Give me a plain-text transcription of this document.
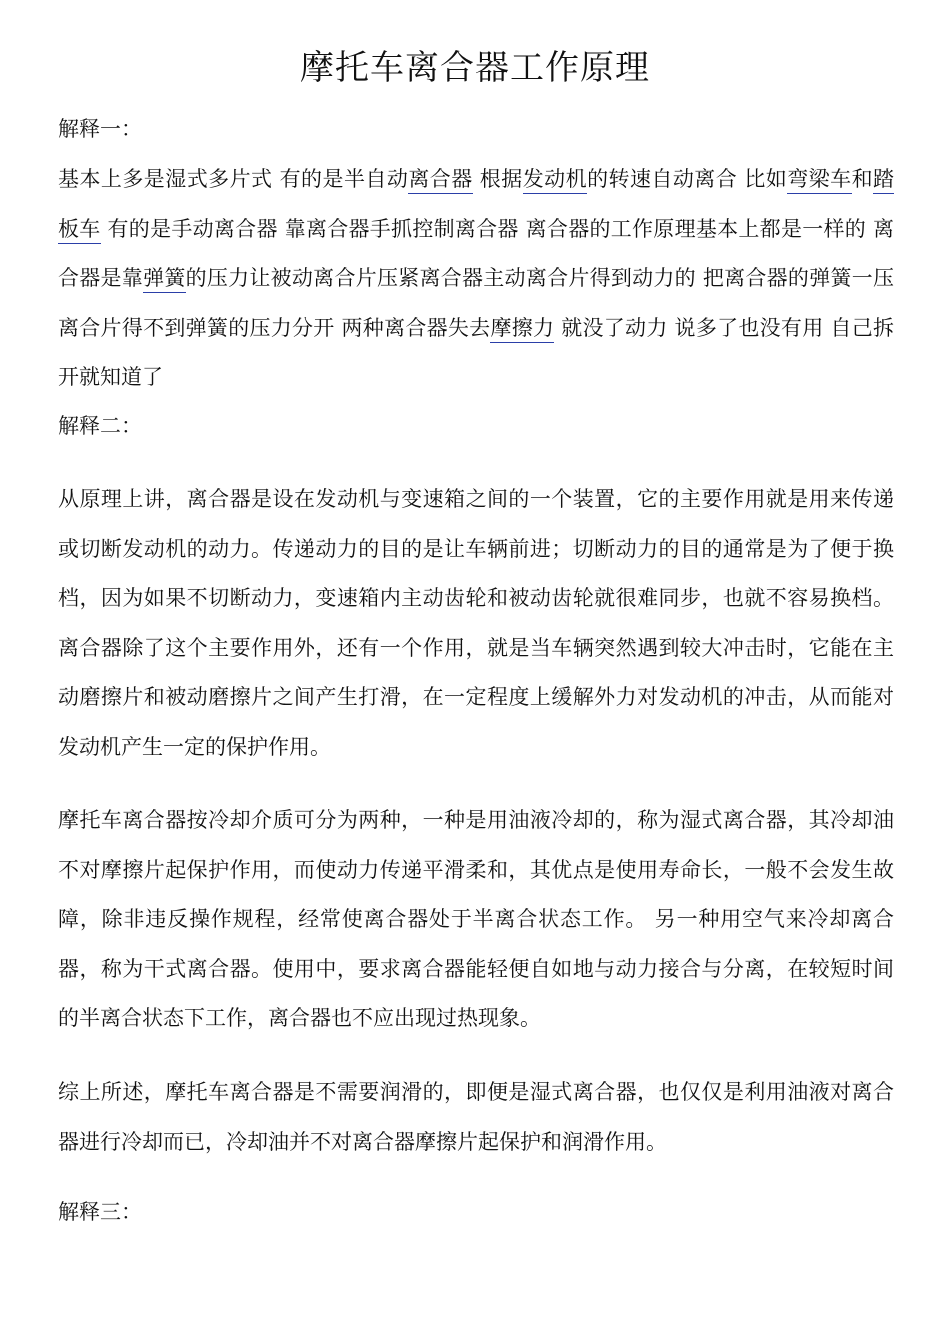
摩托车离合器工作原理

解释一：

基本上多是湿式多片式 有的是半自动离合器 根据发动机的转速自动离合 比如弯梁车和踏板车 有的是手动离合器 靠离合器手抓控制离合器 离合器的工作原理基本上都是一样的 离合器是靠弹簧的压力让被动离合片压紧离合器主动离合片得到动力的 把离合器的弹簧一压 离合片得不到弹簧的压力分开 两种离合器失去摩擦力 就没了动力 说多了也没有用 自己拆开就知道了

解释二：

从原理上讲，离合器是设在发动机与变速箱之间的一个装置，它的主要作用就是用来传递或切断发动机的动力。传递动力的目的是让车辆前进；切断动力的目的通常是为了便于换档，因为如果不切断动力，变速箱内主动齿轮和被动齿轮就很难同步，也就不容易换档。离合器除了这个主要作用外，还有一个作用，就是当车辆突然遇到较大冲击时，它能在主动磨擦片和被动磨擦片之间产生打滑，在一定程度上缓解外力对发动机的冲击，从而能对发动机产生一定的保护作用。

摩托车离合器按冷却介质可分为两种，一种是用油液冷却的，称为湿式离合器，其冷却油不对摩擦片起保护作用，而使动力传递平滑柔和，其优点是使用寿命长，一般不会发生故障，除非违反操作规程，经常使离合器处于半离合状态工作。 另一种用空气来冷却离合器，称为干式离合器。使用中，要求离合器能轻便自如地与动力接合与分离，在较短时间的半离合状态下工作，离合器也不应出现过热现象。

综上所述，摩托车离合器是不需要润滑的，即便是湿式离合器，也仅仅是利用油液对离合器进行冷却而已，冷却油并不对离合器摩擦片起保护和润滑作用。

解释三：
